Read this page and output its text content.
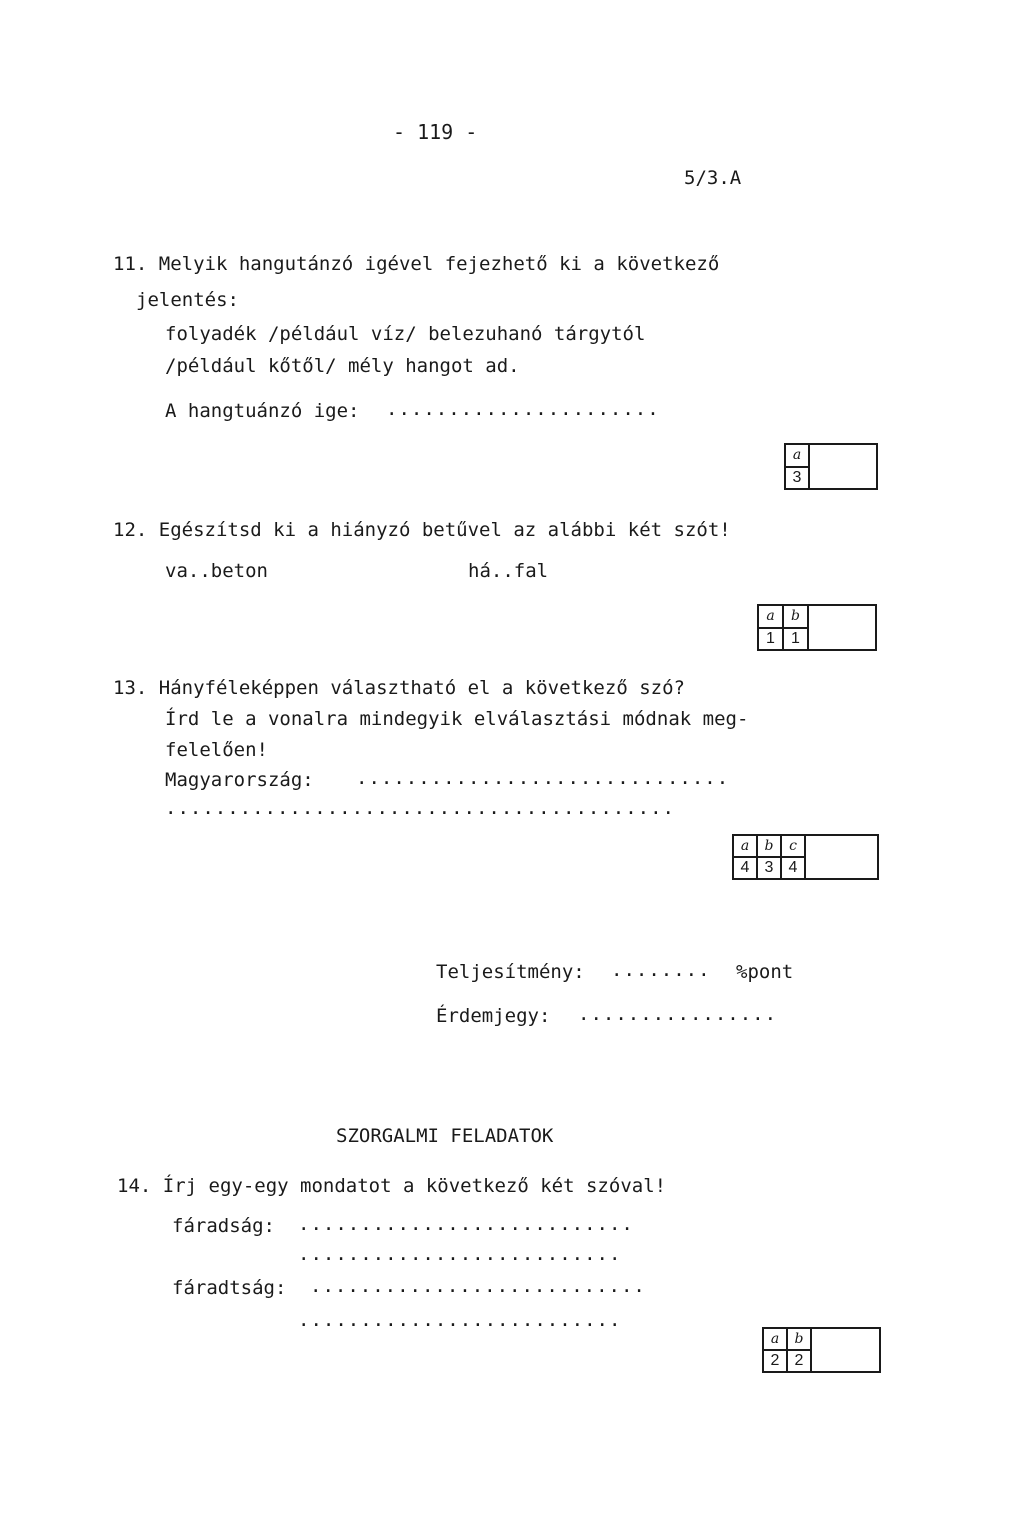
- 119 -
5/3.A
11. Melyik hangutánzó igével fejezhető ki a következő
jelentés:
folyadék /például víz/ belezuhanó tárgytól
/például kőtől/ mély hangot ad.
A hangtuánzó ige: ......................
a
3
12. Egészítsd ki a hiányzó betűvel az alábbi két szót!
va..beton	há..fal
a
1
b
1
13. Hányféleképpen választható el a következő szó?
Írd le a vonalra mindegyik elválasztási módnak meg-
felelően!
Magyarország: ..............................
.........................................
a
4
b
3
c
4
Teljesítmény: ........ %pont
Érdemjegy: ................
SZORGALMI FELADATOK
14. Írj egy-egy mondatot a következő két szóval!
fáradság: ...........................
..........................
fáradtság: ...........................
..........................
a
2
b
2
